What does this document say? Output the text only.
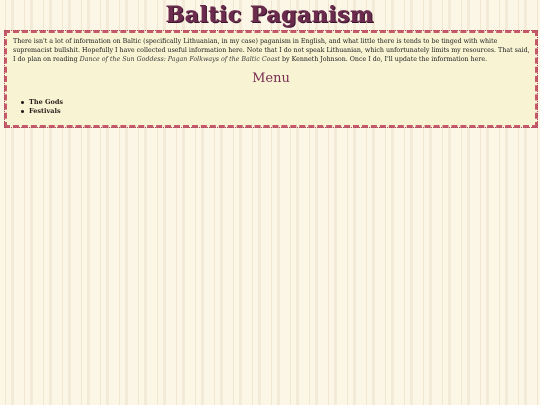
Baltic Paganism

There isn't a lot of information on Baltic (specifically Lithuanian, in my case) paganism in English, and what little there is tends to be tinged with white supremacist bullshit. Hopefully I have collected useful information here. Note that I do not speak Lithuanian, which unfortunately limits my resources. That said, I do plan on reading Dance of the Sun Goddess: Pagan Folkways of the Baltic Coast by Kenneth Johnson. Once I do, I'll update the information here.

Menu
The Gods
Festivals
